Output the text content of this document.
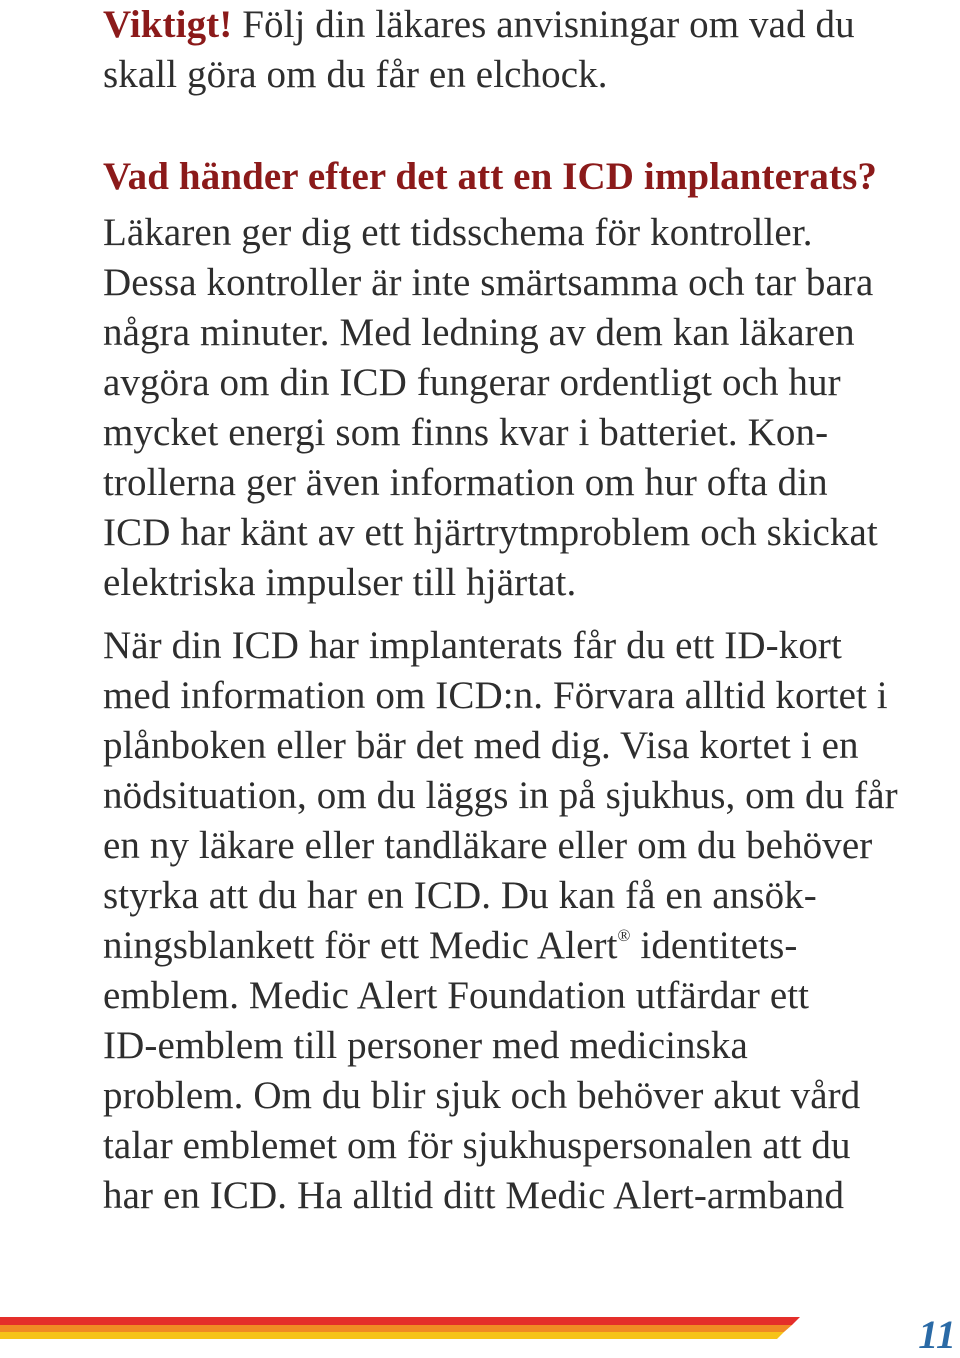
Viktigt! Följ din läkares anvisningar om vad du
skall göra om du får en elchock.
Vad händer efter det att en ICD implanterats?
Läkaren ger dig ett tidsschema för kontroller.
Dessa kontroller är inte smärtsamma och tar bara
några minuter. Med ledning av dem kan läkaren
avgöra om din ICD fungerar ordentligt och hur
mycket energi som finns kvar i batteriet. Kon-
trollerna ger även information om hur ofta din
ICD har känt av ett hjärtrytmproblem och skickat
elektriska impulser till hjärtat.
När din ICD har implanterats får du ett ID-kort
med information om ICD:n. Förvara alltid kortet i
plånboken eller bär det med dig. Visa kortet i en
nödsituation, om du läggs in på sjukhus, om du får
en ny läkare eller tandläkare eller om du behöver
styrka att du har en ICD. Du kan få en ansök-
ningsblankett för ett Medic Alert® identitets-
emblem. Medic Alert Foundation utfärdar ett
ID-emblem till personer med medicinska
problem. Om du blir sjuk och behöver akut vård
talar emblemet om för sjukhuspersonalen att du
har en ICD. Ha alltid ditt Medic Alert-armband
11
